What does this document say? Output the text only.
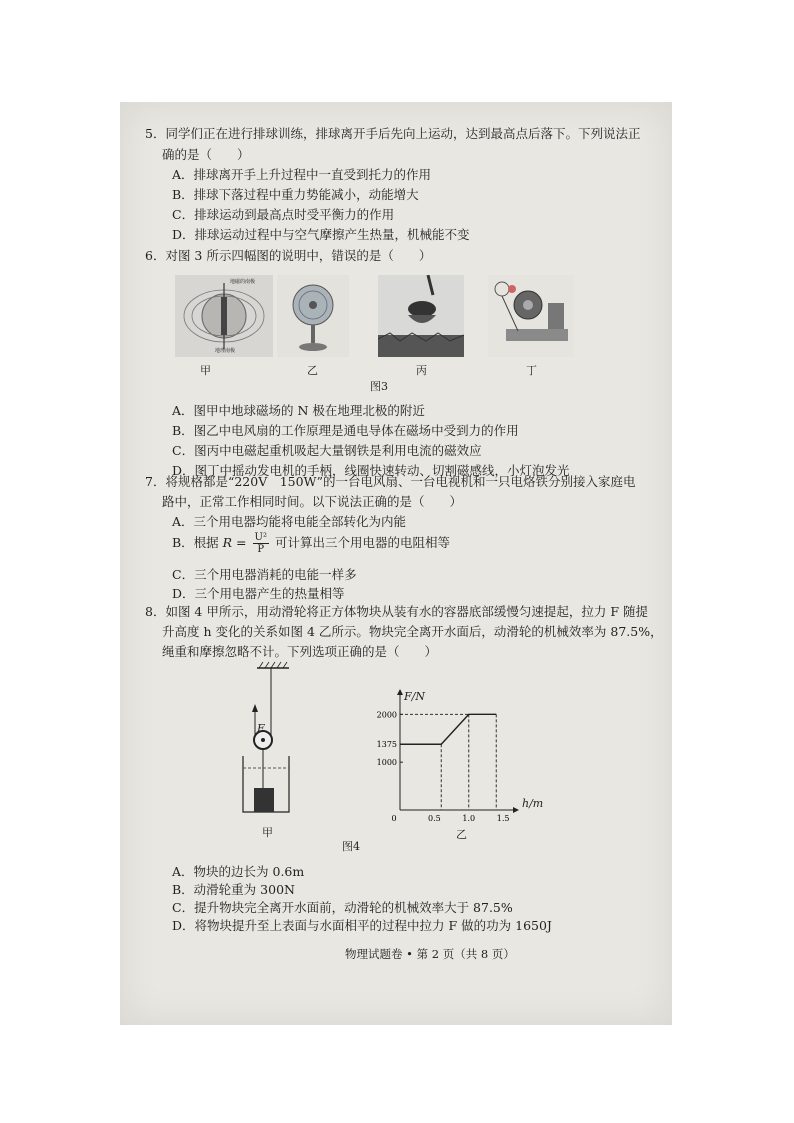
5．同学们正在进行排球训练，排球离开手后先向上运动，达到最高点后落下。下列说法正
确的是（　　）
A．排球离开手上升过程中一直受到托力的作用
B．排球下落过程中重力势能减小，动能增大
C．排球运动到最高点时受平衡力的作用
D．排球运动过程中与空气摩擦产生热量，机械能不变
6．对图 3 所示四幅图的说明中，错误的是（　　）
地磁的南极
地理南极
甲	乙	丙	丁
图3
A．图甲中地球磁场的 N 极在地理北极的附近
B．图乙中电风扇的工作原理是通电导体在磁场中受到力的作用
C．图丙中电磁起重机吸起大量钢铁是利用电流的磁效应
D．图丁中摇动发电机的手柄，线圈快速转动、切割磁感线，小灯泡发光
7．将规格都是“220V　150W”的一台电风扇、一台电视机和一只电烙铁分别接入家庭电
路中，正常工作相同时间。以下说法正确的是（　　）
A．三个用电器均能将电能全部转化为内能
B．根据 $R = \frac{\text{U²}}{P}$ 可计算出三个用电器的电阻相等
C．三个用电器消耗的电能一样多
D．三个用电器产生的热量相等
8．如图 4 甲所示，用动滑轮将正方体物块从装有水的容器底部缓慢匀速提起，拉力 F 随提
升高度 h 变化的关系如图 4 乙所示。物块完全离开水面后，动滑轮的机械效率为 87.5%，
绳重和摩擦忽略不计。下列选项正确的是（　　）
F
甲
0	0.5	1.0	1.5
1000
1375
2000
F/N
h/m
乙
图4
A．物块的边长为 0.6m
B．动滑轮重为 300N
C．提升物块完全离开水面前，动滑轮的机械效率大于 87.5%
D．将物块提升至上表面与水面相平的过程中拉力 F 做的功为 1650J
物理试题卷 • 第 2 页（共 8 页）
